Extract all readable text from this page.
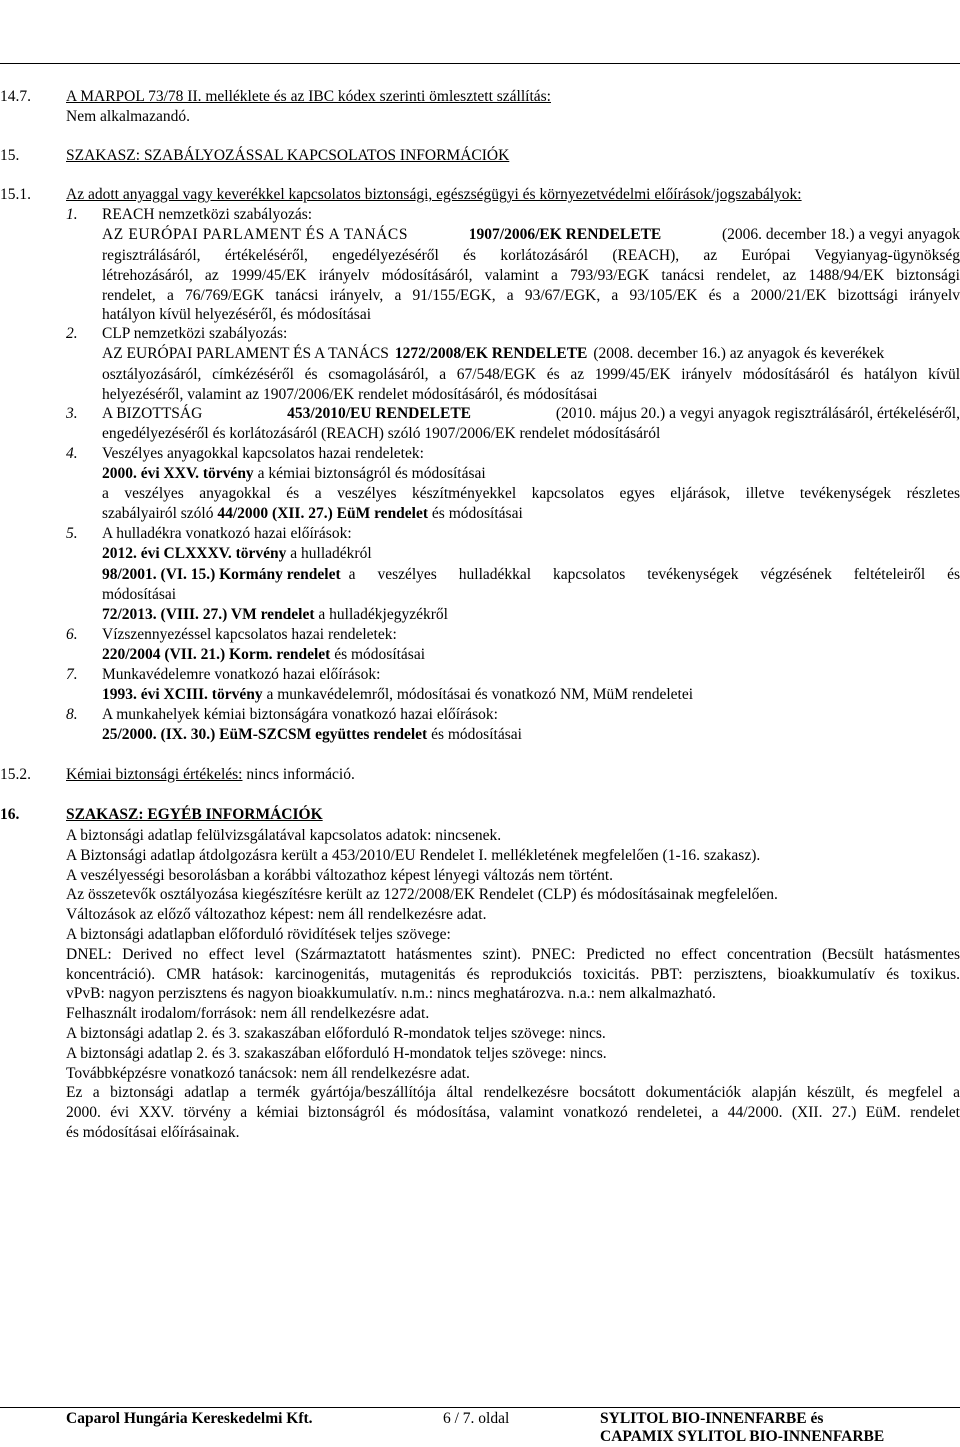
Elkészítés időpontja: 2008.december 30.
Felülvizsgálat időpontja: 2013. július 26.
Verziószám: 2
http://www.biztonsagiadatlap.hu
14.7. A MARPOL 73/78 II. melléklete és az IBC kódex szerinti ömlesztett szállítás:
Nem alkalmazandó.
15.	SZAKASZ: SZABÁLYOZÁSSAL KAPCSOLATOS INFORMÁCIÓK
15.1. Az adott anyaggal vagy keverékkel kapcsolatos biztonsági, egészségügyi és környezetvédelmi előírások/jogszabályok:
1. REACH nemzetközi szabályozás:
AZ EURÓPAI PARLAMENT ÉS A TANÁCS	1907/2006/EK RENDELETE	(2006. december 18.) a vegyi anyagok
regisztrálásáról, értékeléséről, engedélyezéséről és korlátozásáról (REACH), az Európai Vegyianyag-ügynökség
létrehozásáról, az 1999/45/EK irányelv módosításáról, valamint a 793/93/EGK tanácsi rendelet, az 1488/94/EK biztonsági
rendelet, a 76/769/EGK tanácsi irányelv, a 91/155/EGK, a 93/67/EGK, a 93/105/EK és a 2000/21/EK bizottsági irányelv
hatályon kívül helyezéséről, és módosításai
2. CLP nemzetközi szabályozás:
AZ EURÓPAI PARLAMENT ÉS A TANÁCS 1272/2008/EK RENDELETE (2008. december 16.) az anyagok és keverékek
osztályozásáról, címkézéséről és csomagolásáról, a 67/548/EGK és az 1999/45/EK irányelv módosításáról és hatályon kívül
helyezéséről, valamint az 1907/2006/EK rendelet módosításáról, és módosításai
3. A BIZOTTSÁG	453/2010/EU RENDELETE	(2010. május 20.) a vegyi anyagok regisztrálásáról, értékeléséről,
engedélyezéséről és korlátozásáról (REACH) szóló 1907/2006/EK rendelet módosításáról
4. Veszélyes anyagokkal kapcsolatos hazai rendeletek:
2000. évi XXV. törvény a kémiai biztonságról és módosításai
a veszélyes anyagokkal és a veszélyes készítményekkel kapcsolatos egyes eljárások, illetve tevékenységek részletes
szabályairól szóló 44/2000 (XII. 27.) EüM rendelet és módosításai
5. A hulladékra vonatkozó hazai előírások:
2012. évi CLXXXV. törvény a hulladékról
98/2001. (VI. 15.) Kormány rendelet a veszélyes hulladékkal kapcsolatos tevékenységek végzésének feltételeiről és
módosításai
72/2013. (VIII. 27.) VM rendelet a hulladékjegyzékről
6. Vízszennyezéssel kapcsolatos hazai rendeletek:
220/2004 (VII. 21.) Korm. rendelet és módosításai
7. Munkavédelemre vonatkozó hazai előírások:
1993. évi XCIII. törvény a munkavédelemről, módosításai és vonatkozó NM, MüM rendeletei
8. A munkahelyek kémiai biztonságára vonatkozó hazai előírások:
25/2000. (IX. 30.) EüM-SZCSM együttes rendelet és módosításai
15.2. Kémiai biztonsági értékelés: nincs információ.
16.	SZAKASZ: EGYÉB INFORMÁCIÓK
A biztonsági adatlap felülvizsgálatával kapcsolatos adatok: nincsenek.
A Biztonsági adatlap átdolgozásra került a 453/2010/EU Rendelet I. mellékletének megfelelően (1-16. szakasz).
A veszélyességi besorolásban a korábbi változathoz képest lényegi változás nem történt.
Az összetevők osztályozása kiegészítésre került az 1272/2008/EK Rendelet (CLP) és módosításainak megfelelően.
Változások az előző változathoz képest: nem áll rendelkezésre adat.
A biztonsági adatlapban előforduló rövidítések teljes szövege:
DNEL: Derived no effect level (Származtatott hatásmentes szint). PNEC: Predicted no effect concentration (Becsült hatásmentes
koncentráció). CMR hatások: karcinogenitás, mutagenitás és reprodukciós toxicitás. PBT: perzisztens, bioakkumulatív és toxikus.
vPvB: nagyon perzisztens és nagyon bioakkumulatív. n.m.: nincs meghatározva. n.a.: nem alkalmazható.
Felhasznált irodalom/források: nem áll rendelkezésre adat.
A biztonsági adatlap 2. és 3. szakaszában előforduló R-mondatok teljes szövege: nincs.
A biztonsági adatlap 2. és 3. szakaszában előforduló H-mondatok teljes szövege: nincs.
Továbbképzésre vonatkozó tanácsok: nem áll rendelkezésre adat.
Ez a biztonsági adatlap a termék gyártója/beszállítója által rendelkezésre bocsátott dokumentációk alapján készült, és megfelel a
2000. évi XXV. törvény a kémiai biztonságról és módosítása, valamint vonatkozó rendeletei, a 44/2000. (XII. 27.) EüM. rendelet
és módosításai előírásainak.
Caparol Hungária Kereskedelmi Kft.	6 / 7. oldal	SYLITOL BIO-INNENFARBE és
CAPAMIX SYLITOL BIO-INNENFARBE
